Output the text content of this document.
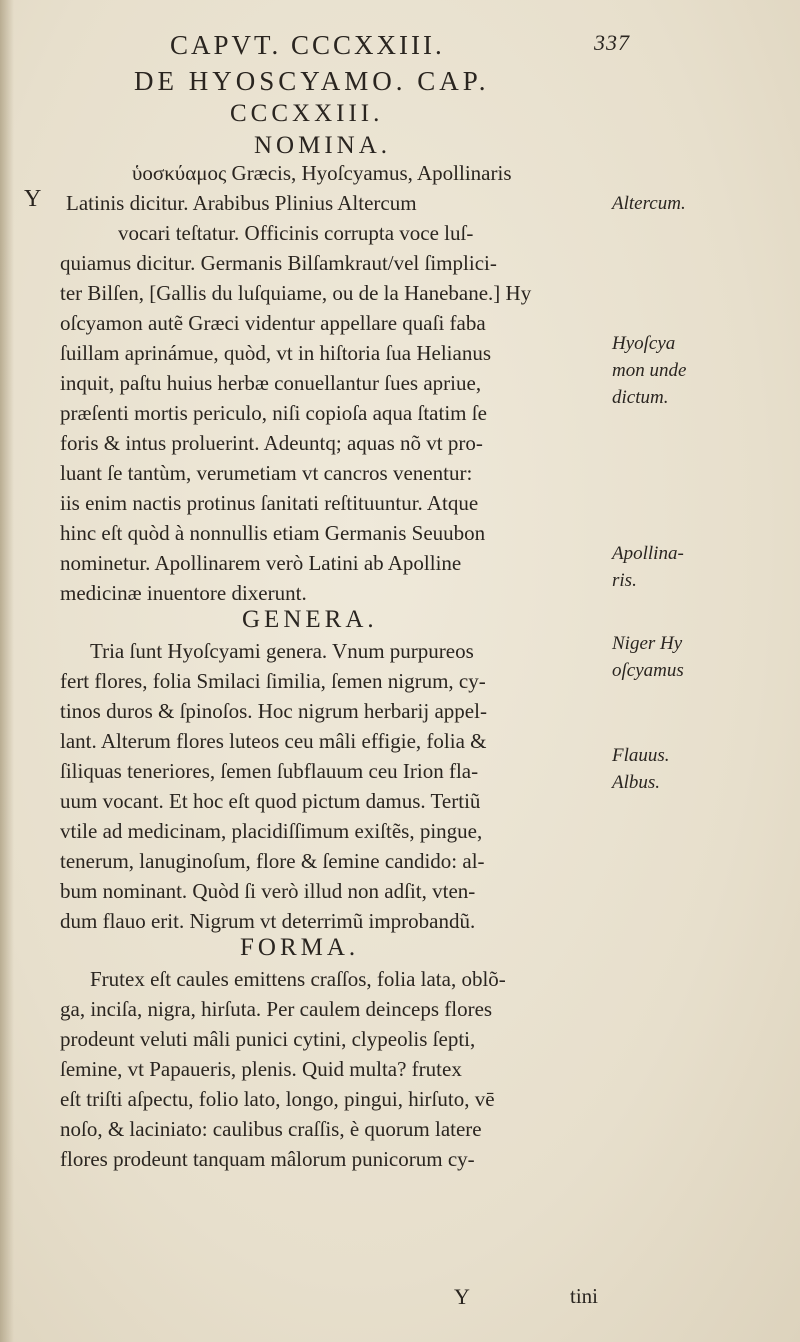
CAPVT. CCCXXIII.	337
DE HYOSCYAMO. CAP.
CCCXXIII.
NOMINA.
Y
ὑοσκύαμος Græcis, Hyoſcyamus, Apollinaris
Latinis dicitur. Arabibus Plinius Altercum
vocari teſtatur. Officinis corrupta voce luſ-
quiamus dicitur. Germanis Bilſamkraut/vel ſimplici-
ter Bilſen, [Gallis du luſquiame, ou de la Hanebane.] Hy
oſcyamon autẽ Græci videntur appellare quaſi faba
ſuillam aprinámue, quòd, vt in hiſtoria ſua Helianus
inquit, paſtu huius herbæ conuellantur ſues apriue,
præſenti mortis periculo, niſi copioſa aqua ſtatim ſe
foris & intus proluerint. Adeuntq; aquas nõ vt pro-
luant ſe tantùm, verumetiam vt cancros venentur:
iis enim nactis protinus ſanitati reſtituuntur. Atque
hinc eſt quòd à nonnullis etiam Germanis Seuubon
nominetur. Apollinarem verò Latini ab Apolline
medicinæ inuentore dixerunt.
GENERA.
Tria ſunt Hyoſcyami genera. Vnum purpureos
fert flores, folia Smilaci ſimilia, ſemen nigrum, cy-
tinos duros & ſpinoſos. Hoc nigrum herbarij appel-
lant. Alterum flores luteos ceu mâli effigie, folia &
ſiliquas teneriores, ſemen ſubflauum ceu Irion fla-
uum vocant. Et hoc eſt quod pictum damus. Tertiũ
vtile ad medicinam, placidiſſimum exiſtẽs, pingue,
tenerum, lanuginoſum, flore & ſemine candido: al-
bum nominant. Quòd ſi verò illud non adſit, vten-
dum flauo erit. Nigrum vt deterrimũ improbandũ.
FORMA.
Frutex eſt caules emittens craſſos, folia lata, oblõ-
ga, inciſa, nigra, hirſuta. Per caulem deinceps flores
prodeunt veluti mâli punici cytini, clypeolis ſepti,
ſemine, vt Papaueris, plenis. Quid multa? frutex
eſt triſti aſpectu, folio lato, longo, pingui, hirſuto, vē
noſo, & laciniato: caulibus craſſis, è quorum latere
flores prodeunt tanquam mâlorum punicorum cy-
Altercum.
Hyoſcya
mon unde
dictum.
Apollina-
ris.
Niger Hy
oſcyamus
Flauus.
Albus.
Y	tini
